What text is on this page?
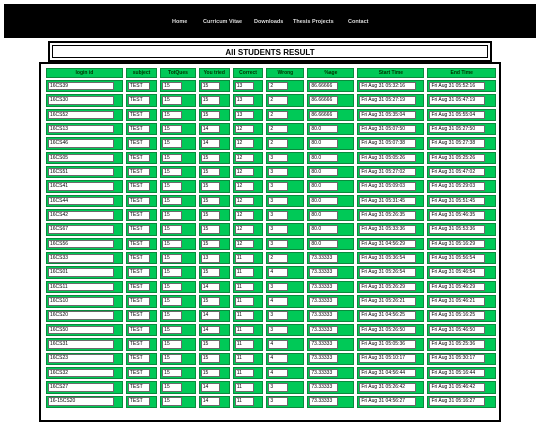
Home	Curricum Vitae Downloads Thesis Projects	Contact
All STUDENTS RESULT
login id	subject	TotQues	You tried	Correct	Wrong	%age	Start Time	End Time

16CS39	TEST	15	15	13	2	86.66666	Fri Aug 31 05:32:16	Fri Aug 31 05:52:16

16CS30	TEST	15	15	13	2	86.66666	Fri Aug 31 05:27:19	Fri Aug 31 05:47:19

16CS52	TEST	15	15	13	2	86.66666	Fri Aug 31 05:35:04	Fri Aug 31 05:55:04

16CS13	TEST	15	14	12	2	80.0	Fri Aug 31 05:07:50	Fri Aug 31 05:27:50

16CS46	TEST	15	14	12	2	80.0	Fri Aug 31 05:07:38	Fri Aug 31 05:27:38

16CS05	TEST	15	15	12	3	80.0	Fri Aug 31 05:05:26	Fri Aug 31 05:25:26

16CS51	TEST	15	15	12	3	80.0	Fri Aug 31 05:27:02	Fri Aug 31 05:47:02

16CS41	TEST	15	15	12	3	80.0	Fri Aug 31 05:09:03	Fri Aug 31 05:29:03

16CS44	TEST	15	15	12	3	80.0	Fri Aug 31 05:31:45	Fri Aug 31 05:51:45

16CS42	TEST	15	15	12	3	80.0	Fri Aug 31 05:26:35	Fri Aug 31 05:46:35

16CS67	TEST	15	15	12	3	80.0	Fri Aug 31 05:33:36	Fri Aug 31 05:53:36

16CS56	TEST	15	15	12	3	80.0	Fri Aug 31 04:56:29	Fri Aug 31 05:16:29

16CS33	TEST	15	13	11	2	73.33333	Fri Aug 31 05:36:54	Fri Aug 31 05:56:54

16CS01	TEST	15	15	11	4	73.33333	Fri Aug 31 05:26:54	Fri Aug 31 05:46:54

16CS11	TEST	15	14	11	3	73.33333	Fri Aug 31 05:26:29	Fri Aug 31 05:46:29

16CS10	TEST	15	15	11	4	73.33333	Fri Aug 31 05:26:21	Fri Aug 31 05:46:21

16CS20	TEST	15	14	11	3	73.33333	Fri Aug 31 04:56:25	Fri Aug 31 05:16:25

16CS50	TEST	15	14	11	3	73.33333	Fri Aug 31 05:26:50	Fri Aug 31 05:46:50

16CS31	TEST	15	15	11	4	73.33333	Fri Aug 31 05:05:36	Fri Aug 31 05:25:36

16CS23	TEST	15	15	11	4	73.33333	Fri Aug 31 05:10:17	Fri Aug 31 05:30:17

16CS32	TEST	15	15	11	4	73.33333	Fri Aug 31 04:56:44	Fri Aug 31 05:16:44

16CS27	TEST	15	14	11	3	73.33333	Fri Aug 31 05:26:42	Fri Aug 31 05:46:42

16-15CS20	TEST	15	14	11	3	73.33333	Fri Aug 31 04:56:27	Fri Aug 31 05:16:27
